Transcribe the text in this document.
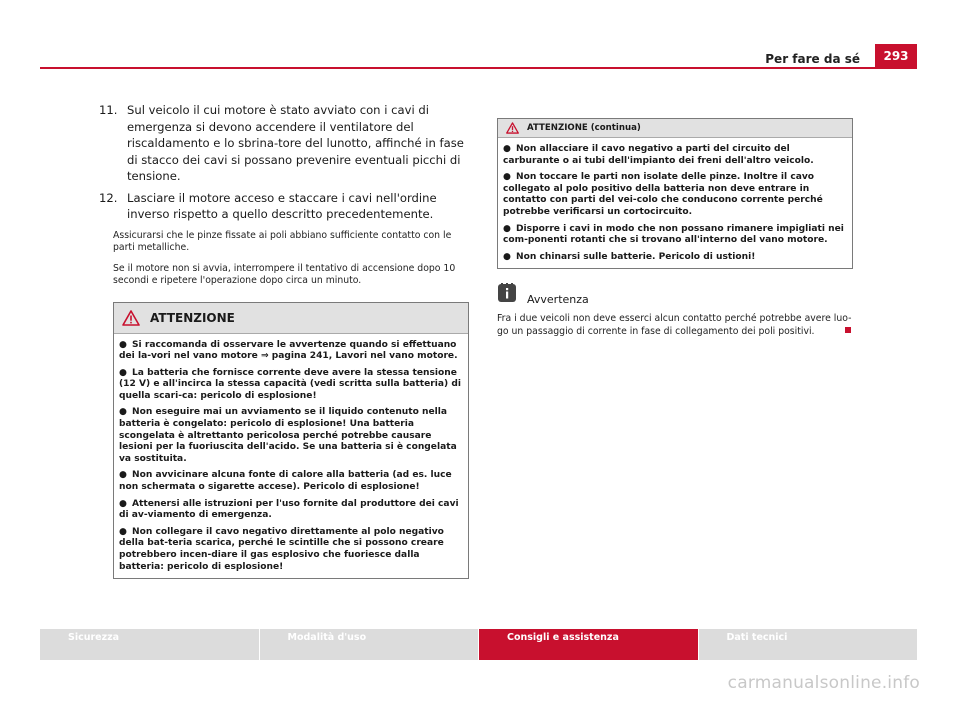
Per fare da sé	293
11. Sul veicolo il cui motore è stato avviato con i cavi di emergenza si devono accendere il ventilatore del riscaldamento e lo sbrina-tore del lunotto, affinché in fase di stacco dei cavi si possano prevenire eventuali picchi di tensione.
12. Lasciare il motore acceso e staccare i cavi nell'ordine inverso rispetto a quello descritto precedentemente.

Assicurarsi che le pinze fissate ai poli abbiano sufficiente contatto con le parti metalliche.

Se il motore non si avvia, interrompere il tentativo di accensione dopo 10 secondi e ripetere l'operazione dopo circa un minuto.

ATTENZIONE
● Si raccomanda di osservare le avvertenze quando si effettuano dei la-vori nel vano motore ⇒ pagina 241, Lavori nel vano motore.
● La batteria che fornisce corrente deve avere la stessa tensione (12 V) e all'incirca la stessa capacità (vedi scritta sulla batteria) di quella scari-ca: pericolo di esplosione!
● Non eseguire mai un avviamento se il liquido contenuto nella batteria è congelato: pericolo di esplosione! Una batteria scongelata è altrettanto pericolosa perché potrebbe causare lesioni per la fuoriuscita dell'acido. Se una batteria si è congelata va sostituita.
● Non avvicinare alcuna fonte di calore alla batteria (ad es. luce non schermata o sigarette accese). Pericolo di esplosione!
● Attenersi alle istruzioni per l'uso fornite dal produttore dei cavi di av-viamento di emergenza.
● Non collegare il cavo negativo direttamente al polo negativo della bat-teria scarica, perché le scintille che si possono creare potrebbero incen-diare il gas esplosivo che fuoriesce dalla batteria: pericolo di esplosione!
ATTENZIONE (continua)
● Non allacciare il cavo negativo a parti del circuito del carburante o ai tubi dell'impianto dei freni dell'altro veicolo.
● Non toccare le parti non isolate delle pinze. Inoltre il cavo collegato al polo positivo della batteria non deve entrare in contatto con parti del vei-colo che conducono corrente perché potrebbe verificarsi un cortocircuito.
● Disporre i cavi in modo che non possano rimanere impigliati nei com-ponenti rotanti che si trovano all'interno del vano motore.
● Non chinarsi sulle batterie. Pericolo di ustioni!
Avvertenza
Fra i due veicoli non deve esserci alcun contatto perché potrebbe avere luo-go un passaggio di corrente in fase di collegamento dei poli positivi.
Sicurezza	Modalità d'uso	Consigli e assistenza	Dati tecnici
carmanualsonline.info
